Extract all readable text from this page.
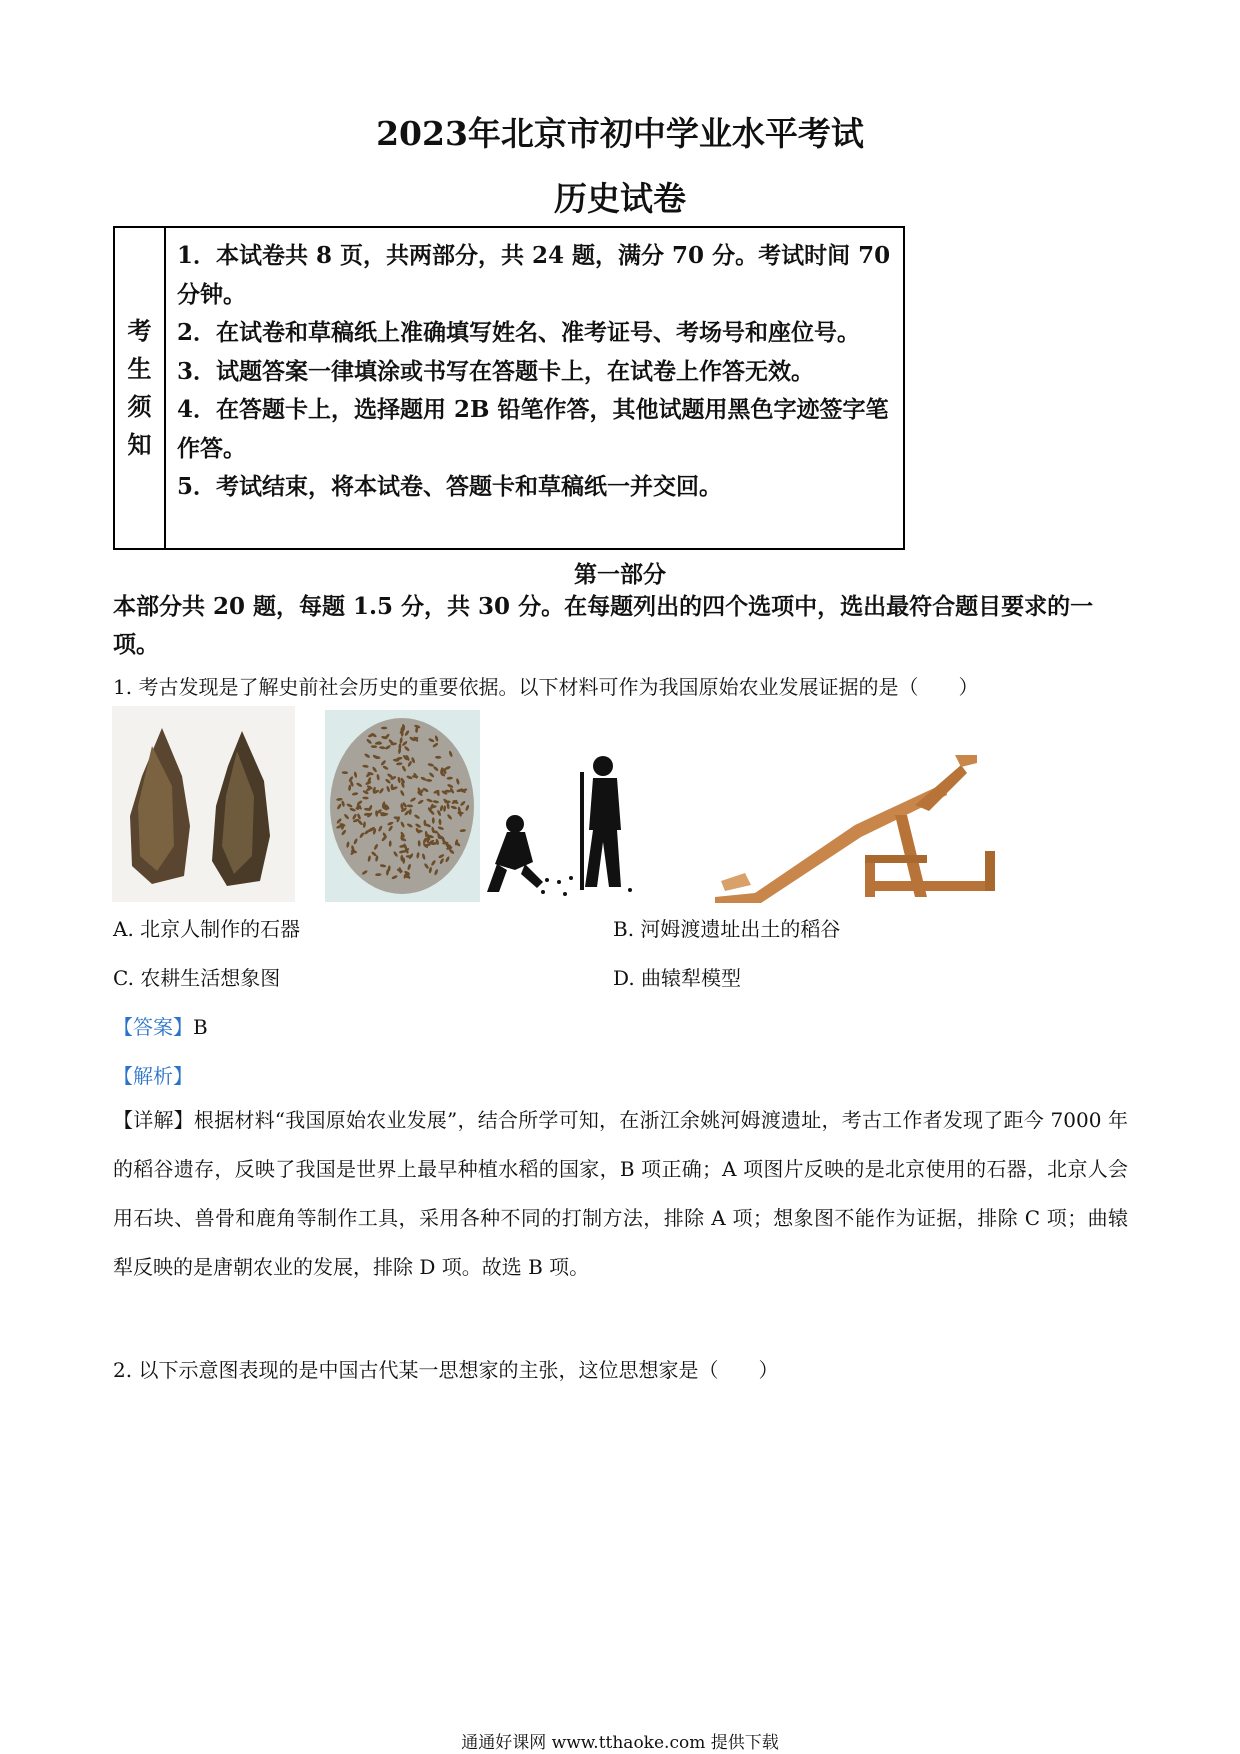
2023年北京市初中学业水平考试
历史试卷
考
生
须
知
1．本试卷共 8 页，共两部分，共 24 题，满分 70 分。考试时间 70 分钟。
2．在试卷和草稿纸上准确填写姓名、准考证号、考场号和座位号。
3．试题答案一律填涂或书写在答题卡上，在试卷上作答无效。
4．在答题卡上，选择题用 2B 铅笔作答，其他试题用黑色字迹签字笔作答。
5．考试结束，将本试卷、答题卡和草稿纸一并交回。
第一部分
本部分共 20 题，每题 1.5 分，共 30 分。在每题列出的四个选项中，选出最符合题目要求的一项。
1. 考古发现是了解史前社会历史的重要依据。以下材料可作为我国原始农业发展证据的是（　　）
A. 北京人制作的石器	B. 河姆渡遗址出土的稻谷
C. 农耕生活想象图	D. 曲辕犁模型
【答案】B
【解析】
【详解】根据材料“我国原始农业发展”，结合所学可知，在浙江余姚河姆渡遗址，考古工作者发现了距今 7000 年的稻谷遗存，反映了我国是世界上最早种植水稻的国家，B 项正确；A 项图片反映的是北京使用的石器，北京人会用石块、兽骨和鹿角等制作工具，采用各种不同的打制方法，排除 A 项；想象图不能作为证据，排除 C 项；曲辕犁反映的是唐朝农业的发展，排除 D 项。故选 B 项。
2. 以下示意图表现的是中国古代某一思想家的主张，这位思想家是（　　）
通通好课网 www.tthaoke.com 提供下载
